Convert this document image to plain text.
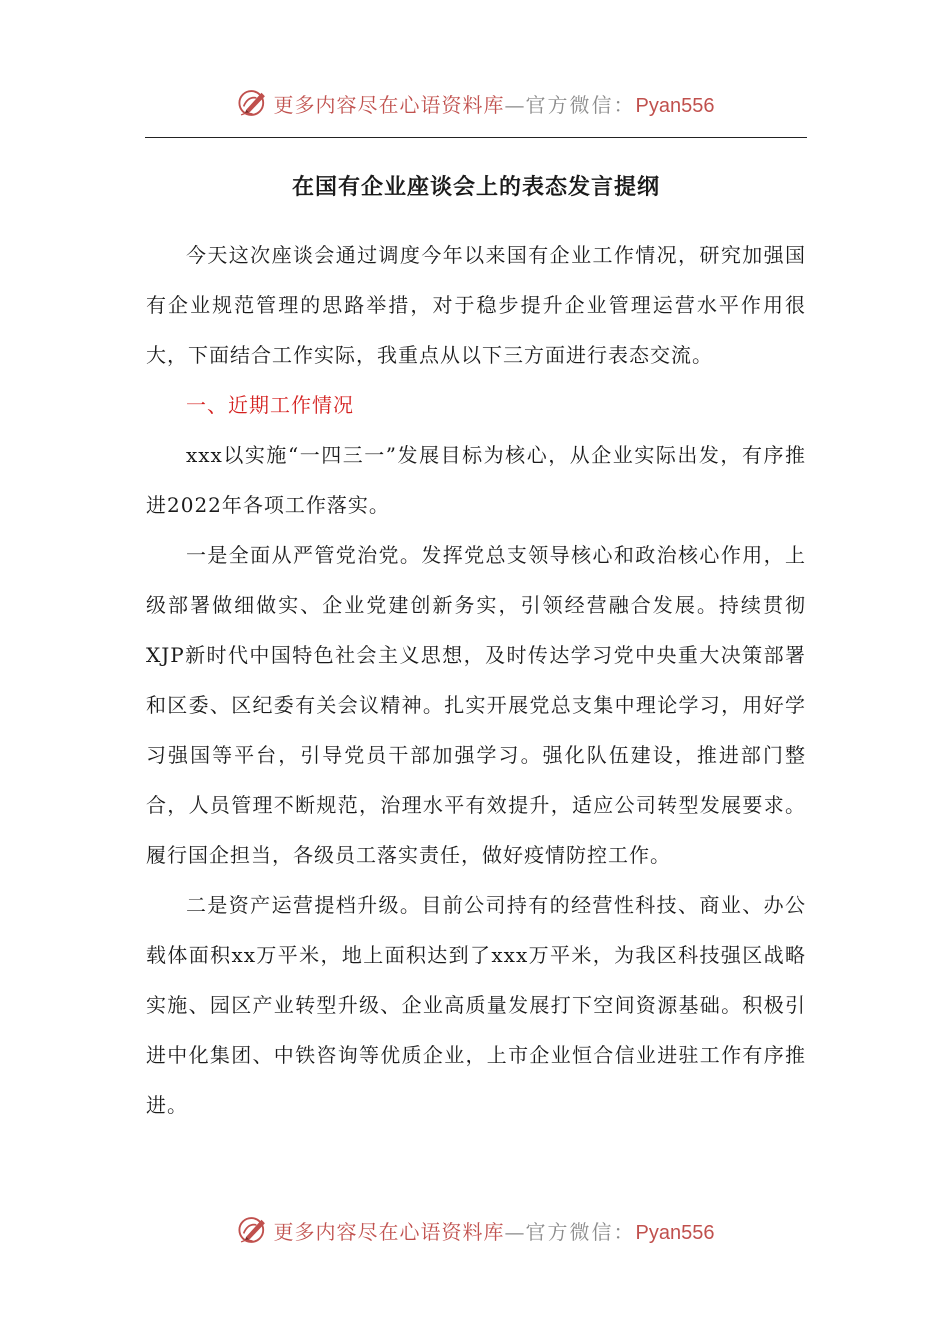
更多内容尽在心语资料库—官方微信：Pyan556
在国有企业座谈会上的表态发言提纲

今天这次座谈会通过调度今年以来国有企业工作情况，研究加强国有企业规范管理的思路举措，对于稳步提升企业管理运营水平作用很大，下面结合工作实际，我重点从以下三方面进行表态交流。

一、近期工作情况

xxx以实施“一四三一”发展目标为核心，从企业实际出发，有序推进2022年各项工作落实。

一是全面从严管党治党。发挥党总支领导核心和政治核心作用，上级部署做细做实、企业党建创新务实，引领经营融合发展。持续贯彻XJP新时代中国特色社会主义思想，及时传达学习党中央重大决策部署和区委、区纪委有关会议精神。扎实开展党总支集中理论学习，用好学习强国等平台，引导党员干部加强学习。强化队伍建设，推进部门整合，人员管理不断规范，治理水平有效提升，适应公司转型发展要求。履行国企担当，各级员工落实责任，做好疫情防控工作。

二是资产运营提档升级。目前公司持有的经营性科技、商业、办公载体面积xx万平米，地上面积达到了xxx万平米，为我区科技强区战略实施、园区产业转型升级、企业高质量发展打下空间资源基础。积极引进中化集团、中铁咨询等优质企业，上市企业恒合信业进驻工作有序推进。

更多内容尽在心语资料库—官方微信：Pyan556
